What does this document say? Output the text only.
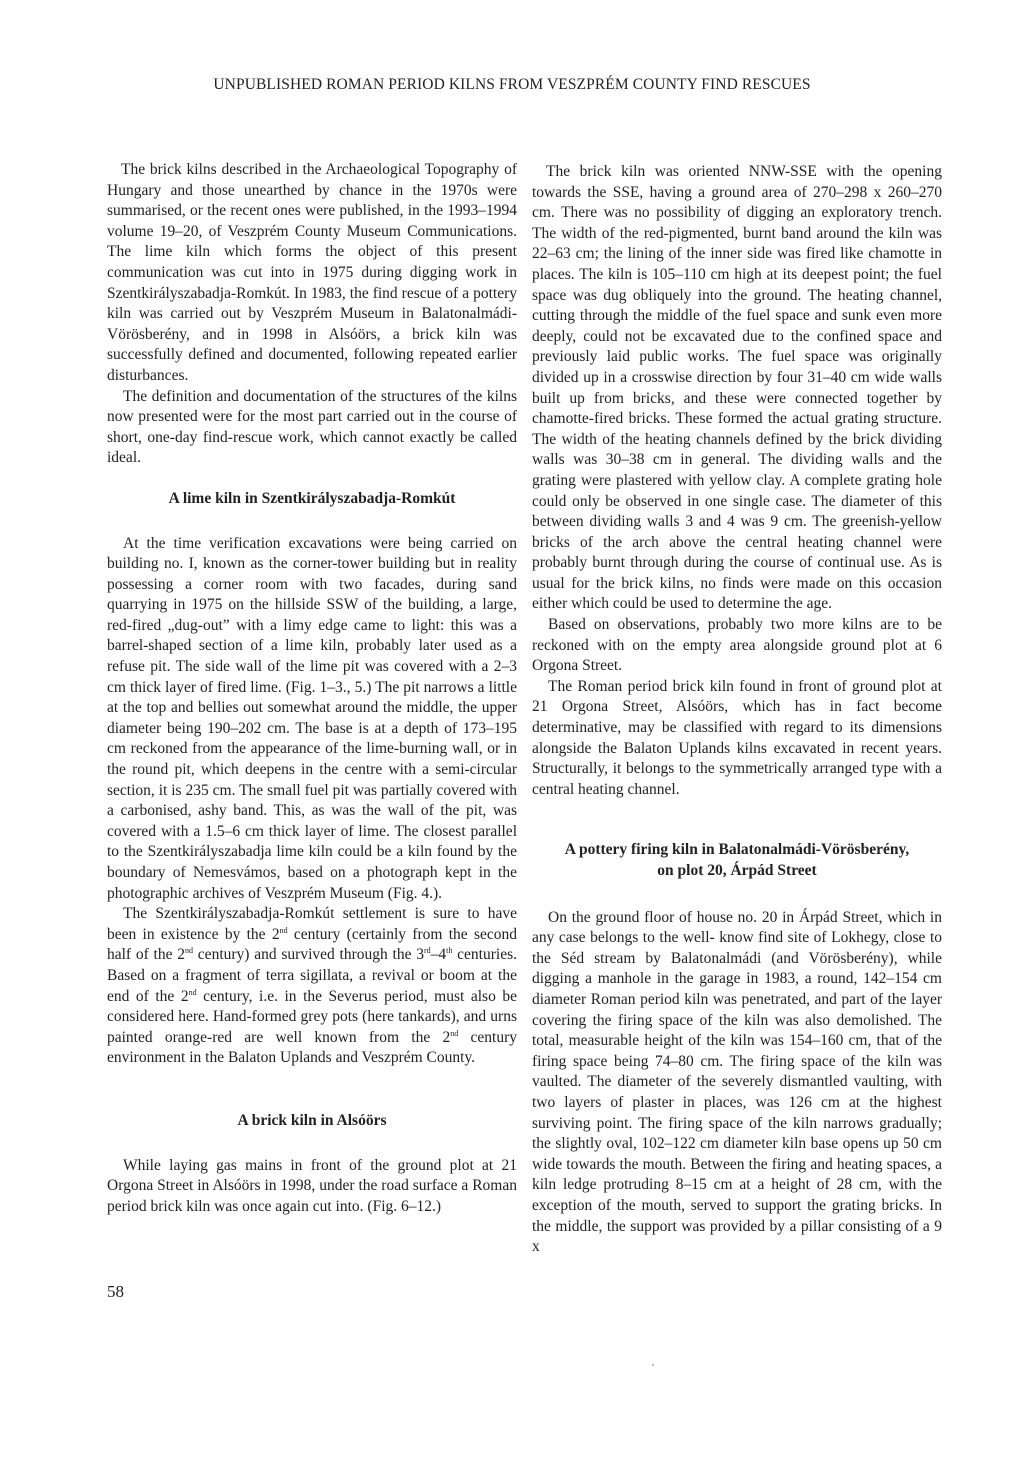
UNPUBLISHED ROMAN PERIOD KILNS FROM VESZPRÉM COUNTY FIND RESCUES

The brick kilns described in the Archaeological Topography of Hungary and those unearthed by chance in the 1970s were summarised, or the recent ones were published, in the 1993–1994 volume 19–20, of Veszprém County Museum Communications. The lime kiln which forms the object of this present communication was cut into in 1975 during digging work in Szentkirályszabadja-Romkút. In 1983, the find rescue of a pottery kiln was carried out by Veszprém Museum in Balatonalmádi-Vörösberény, and in 1998 in Alsóörs, a brick kiln was successfully defined and documented, following repeated earlier disturbances.

The definition and documentation of the structures of the kilns now presented were for the most part carried out in the course of short, one-day find-rescue work, which cannot exactly be called ideal.

A lime kiln in Szentkirályszabadja-Romkút

At the time verification excavations were being carried on building no. I, known as the corner-tower building but in reality possessing a corner room with two facades, during sand quarrying in 1975 on the hillside SSW of the building, a large, red-fired „dug-out” with a limy edge came to light: this was a barrel-shaped section of a lime kiln, probably later used as a refuse pit. The side wall of the lime pit was covered with a 2–3 cm thick layer of fired lime. (Fig. 1–3., 5.) The pit narrows a little at the top and bellies out somewhat around the middle, the upper diameter being 190–202 cm. The base is at a depth of 173–195 cm reckoned from the appearance of the lime-burning wall, or in the round pit, which deepens in the centre with a semi-circular section, it is 235 cm. The small fuel pit was partially covered with a carbonised, ashy band. This, as was the wall of the pit, was covered with a 1.5–6 cm thick layer of lime. The closest parallel to the Szentkirályszabadja lime kiln could be a kiln found by the boundary of Nemesvámos, based on a photograph kept in the photographic archives of Veszprém Museum (Fig. 4.).

The Szentkirályszabadja-Romkút settlement is sure to have been in existence by the 2nd century (certainly from the second half of the 2nd century) and survived through the 3rd–4th centuries. Based on a fragment of terra sigillata, a revival or boom at the end of the 2nd century, i.e. in the Severus period, must also be considered here. Hand-formed grey pots (here tankards), and urns painted orange-red are well known from the 2nd century environment in the Balaton Uplands and Veszprém County.

A brick kiln in Alsóörs

While laying gas mains in front of the ground plot at 21 Orgona Street in Alsóörs in 1998, under the road surface a Roman period brick kiln was once again cut into. (Fig. 6–12.)

The brick kiln was oriented NNW-SSE with the opening towards the SSE, having a ground area of 270–298 x 260–270 cm. There was no possibility of digging an exploratory trench. The width of the red-pigmented, burnt band around the kiln was 22–63 cm; the lining of the inner side was fired like chamotte in places. The kiln is 105–110 cm high at its deepest point; the fuel space was dug obliquely into the ground. The heating channel, cutting through the middle of the fuel space and sunk even more deeply, could not be excavated due to the confined space and previously laid public works. The fuel space was originally divided up in a crosswise direction by four 31–40 cm wide walls built up from bricks, and these were connected together by chamotte-fired bricks. These formed the actual grating structure. The width of the heating channels defined by the brick dividing walls was 30–38 cm in general. The dividing walls and the grating were plastered with yellow clay. A complete grating hole could only be observed in one single case. The diameter of this between dividing walls 3 and 4 was 9 cm. The greenish-yellow bricks of the arch above the central heating channel were probably burnt through during the course of continual use. As is usual for the brick kilns, no finds were made on this occasion either which could be used to determine the age.

Based on observations, probably two more kilns are to be reckoned with on the empty area alongside ground plot at 6 Orgona Street.

The Roman period brick kiln found in front of ground plot at 21 Orgona Street, Alsóörs, which has in fact become determinative, may be classified with regard to its dimensions alongside the Balaton Uplands kilns excavated in recent years. Structurally, it belongs to the symmetrically arranged type with a central heating channel.

A pottery firing kiln in Balatonalmádi-Vörösberény,
on plot 20, Árpád Street

On the ground floor of house no. 20 in Árpád Street, which in any case belongs to the well- know find site of Lokhegy, close to the Séd stream by Balatonalmádi (and Vörösberény), while digging a manhole in the garage in 1983, a round, 142–154 cm diameter Roman period kiln was penetrated, and part of the layer covering the firing space of the kiln was also demolished. The total, measurable height of the kiln was 154–160 cm, that of the firing space being 74–80 cm. The firing space of the kiln was vaulted. The diameter of the severely dismantled vaulting, with two layers of plaster in places, was 126 cm at the highest surviving point. The firing space of the kiln narrows gradually; the slightly oval, 102–122 cm diameter kiln base opens up 50 cm wide towards the mouth. Between the firing and heating spaces, a kiln ledge protruding 8–15 cm at a height of 28 cm, with the exception of the mouth, served to support the grating bricks. In the middle, the support was provided by a pillar consisting of a 9 x

58
